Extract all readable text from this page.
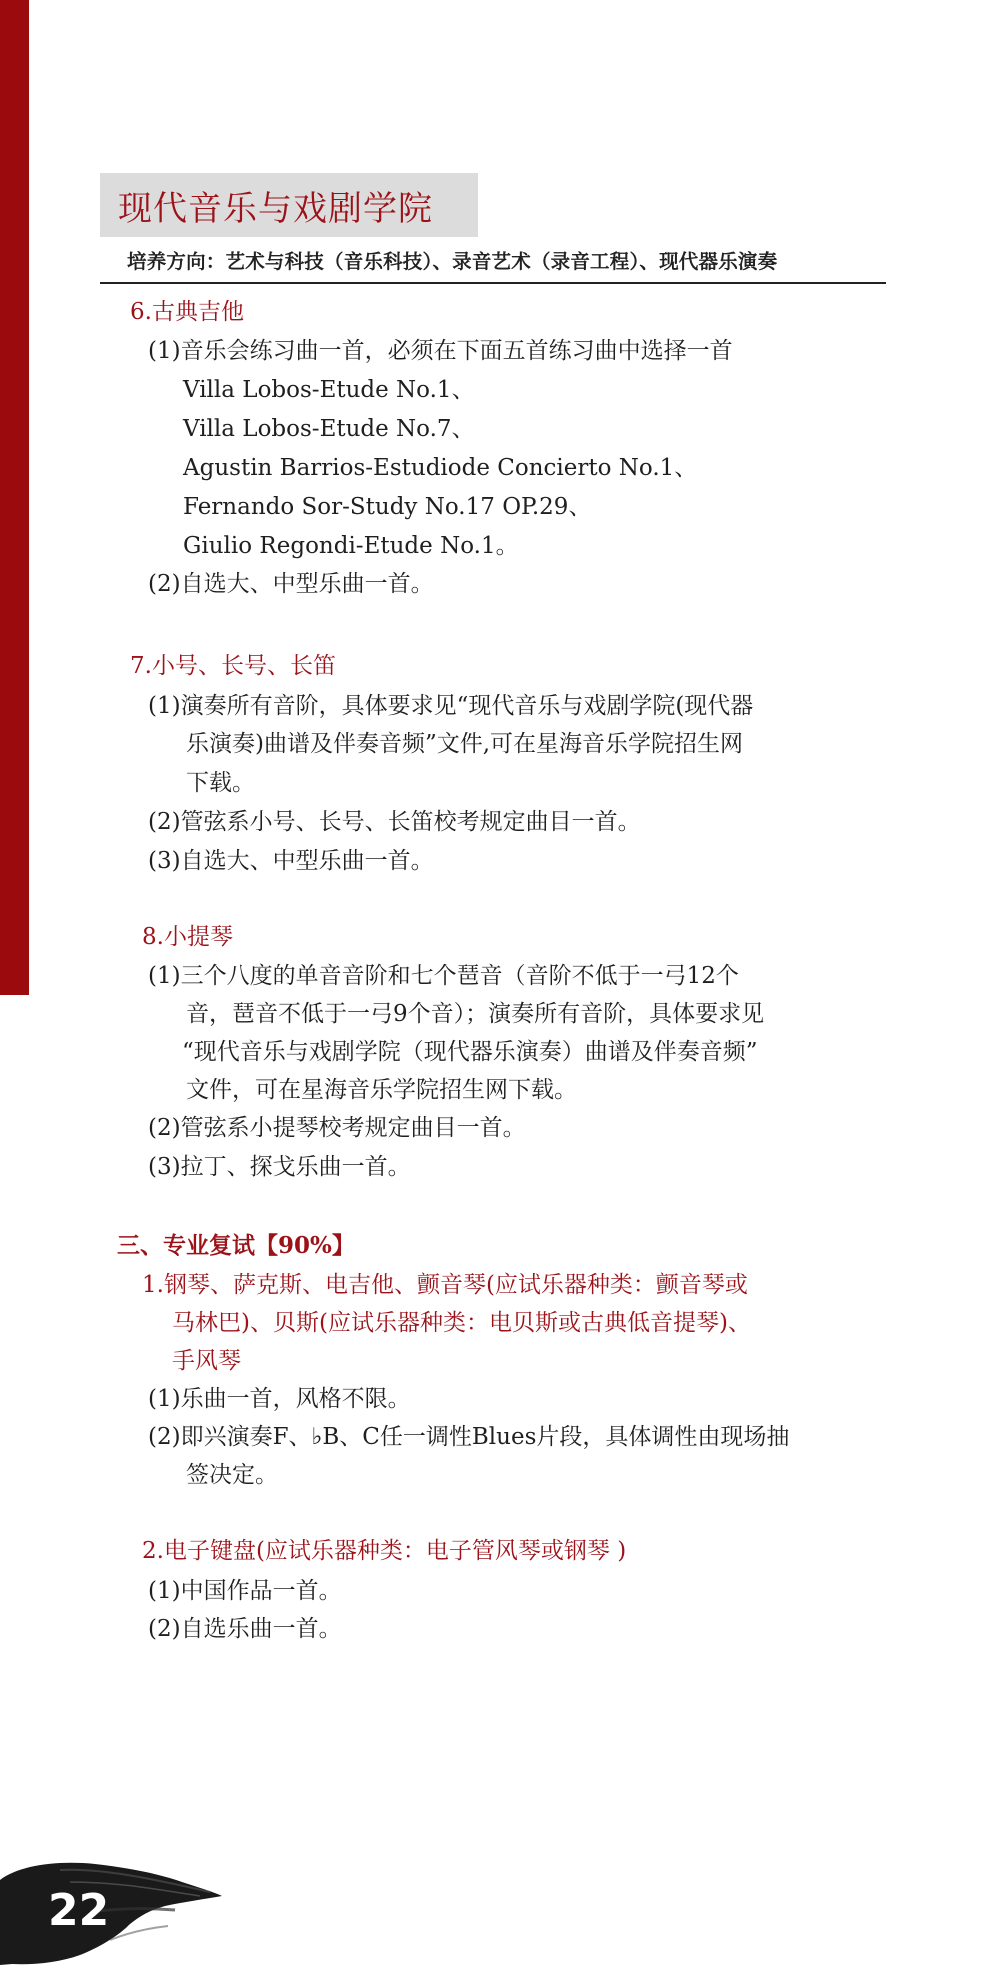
现代音乐与戏剧学院
培养方向：艺术与科技（音乐科技）、录音艺术（录音工程）、现代器乐演奏
6.古典吉他
(1)音乐会练习曲一首，必须在下面五首练习曲中选择一首
Villa Lobos-Etude No.1、
Villa Lobos-Etude No.7、
Agustin Barrios-Estudiode Concierto No.1、
Fernando Sor-Study No.17 OP.29、
Giulio Regondi-Etude No.1。
(2)自选大、中型乐曲一首。
7.小号、长号、长笛
(1)演奏所有音阶，具体要求见“现代音乐与戏剧学院(现代器
乐演奏)曲谱及伴奏音频”文件,可在星海音乐学院招生网
下载。
(2)管弦系小号、长号、长笛校考规定曲目一首。
(3)自选大、中型乐曲一首。
8.小提琴
(1)三个八度的单音音阶和七个琶音（音阶不低于一弓12个
音，琶音不低于一弓9个音）；演奏所有音阶，具体要求见
“现代音乐与戏剧学院（现代器乐演奏）曲谱及伴奏音频”
文件，可在星海音乐学院招生网下载。
(2)管弦系小提琴校考规定曲目一首。
(3)拉丁、探戈乐曲一首。
三、专业复试【90%】
1.钢琴、萨克斯、电吉他、颤音琴(应试乐器种类：颤音琴或
马林巴)、贝斯(应试乐器种类：电贝斯或古典低音提琴)、
手风琴
(1)乐曲一首，风格不限。
(2)即兴演奏F、♭B、C任一调性Blues片段，具体调性由现场抽
签决定。
2.电子键盘(应试乐器种类：电子管风琴或钢琴 )
(1)中国作品一首。
(2)自选乐曲一首。
22
